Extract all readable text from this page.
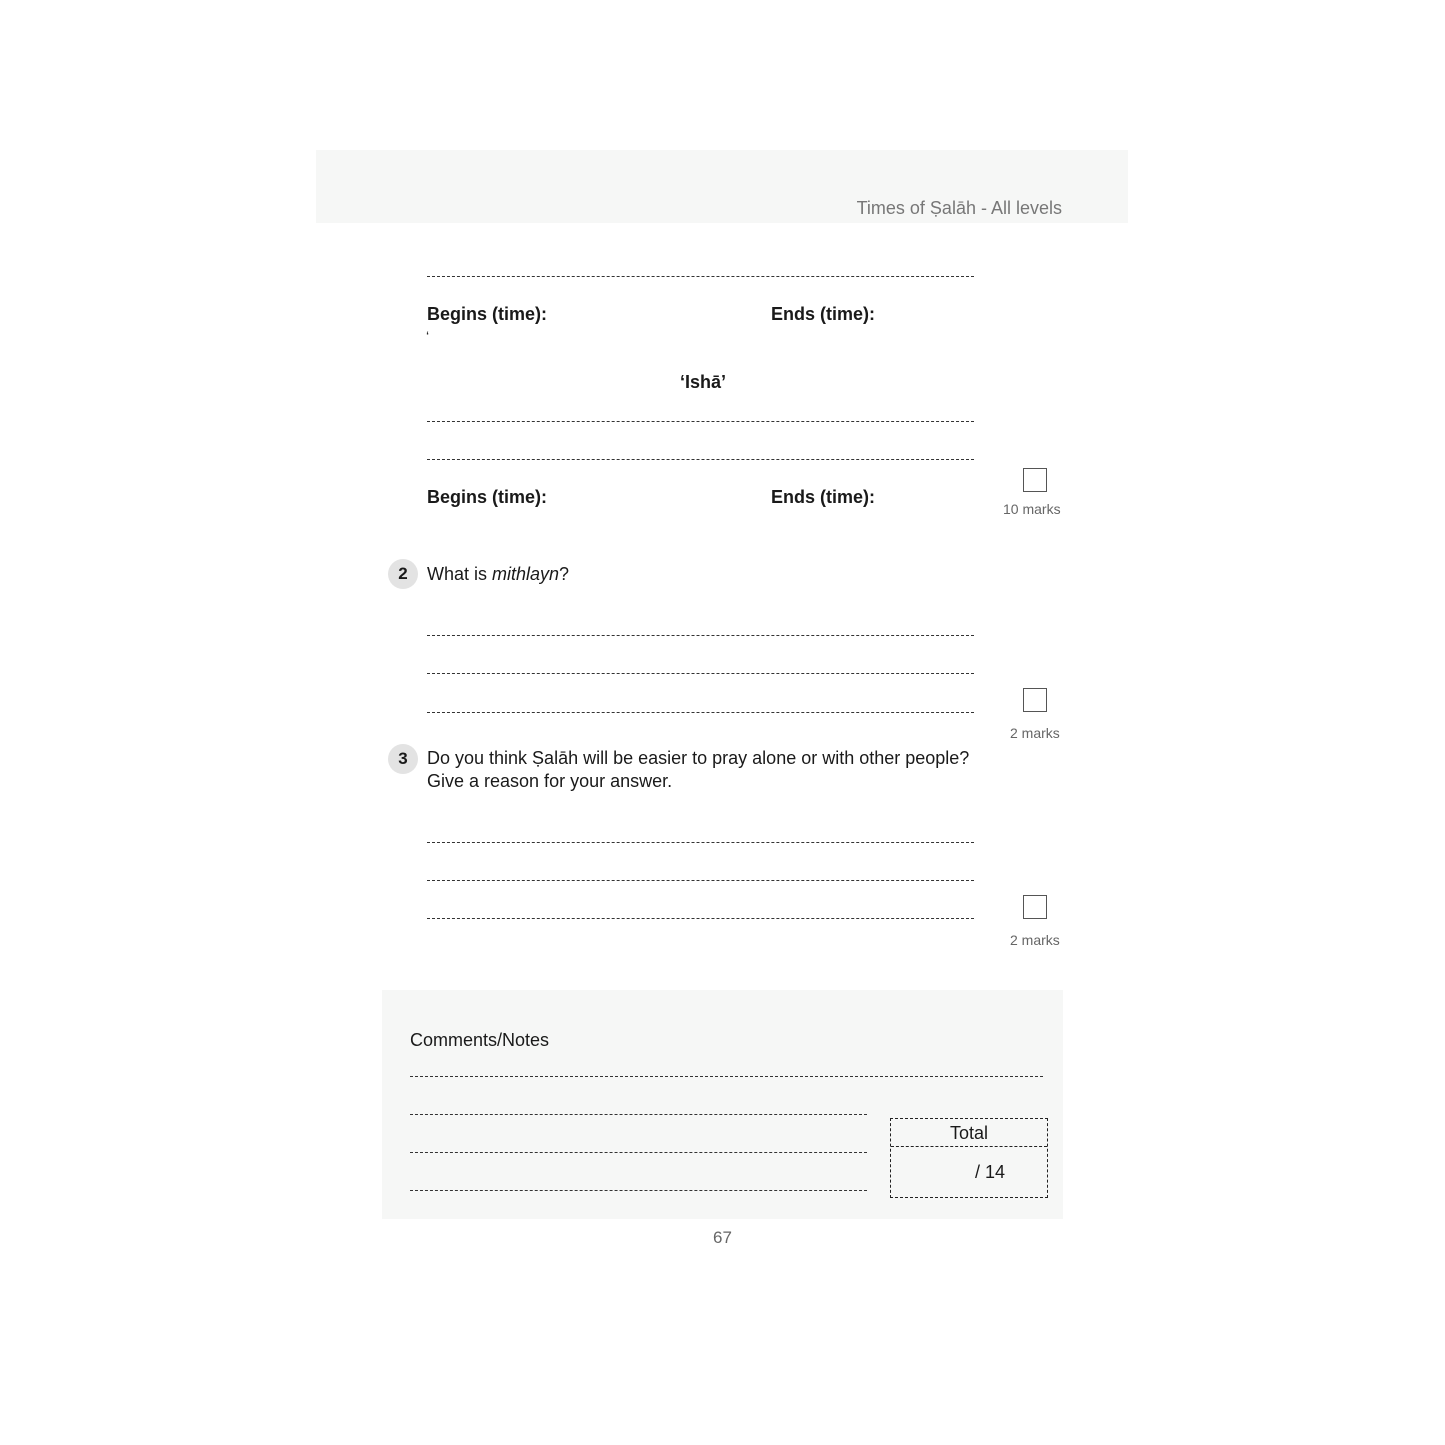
Times of Ṣalāh - All levels
Begins (time):	Ends (time):
‘
‘Ishā’
Begins (time):	Ends (time):
10 marks
2	What is mithlayn?
2 marks
3	Do you think Ṣalāh will be easier to pray alone or with other people?
Give a reason for your answer.
2 marks
Comments/Notes
Total
/ 14
67
